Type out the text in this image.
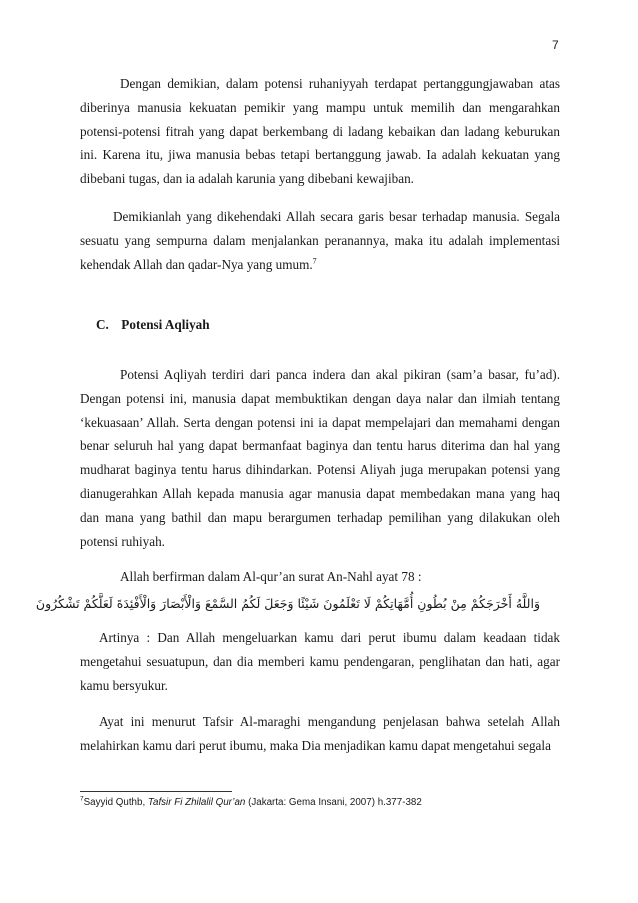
7

Dengan demikian, dalam potensi ruhaniyyah terdapat pertanggungjawaban atas diberinya manusia kekuatan pemikir yang mampu untuk memilih dan mengarahkan potensi-potensi fitrah yang dapat berkembang di ladang kebaikan dan ladang keburukan ini. Karena itu, jiwa manusia bebas tetapi bertanggung jawab. Ia adalah kekuatan yang dibebani tugas, dan ia adalah karunia yang dibebani kewajiban.

Demikianlah yang dikehendaki Allah secara garis besar terhadap manusia. Segala sesuatu yang sempurna dalam menjalankan peranannya, maka itu adalah implementasi kehendak Allah dan qadar-Nya yang umum.$^7$

C. Potensi Aqliyah

Potensi Aqliyah terdiri dari panca indera dan akal pikiran (sam’a basar, fu’ad). Dengan potensi ini, manusia dapat membuktikan dengan daya nalar dan ilmiah tentang ‘kekuasaan’ Allah. Serta dengan potensi ini ia dapat mempelajari dan memahami dengan benar seluruh hal yang dapat bermanfaat baginya dan tentu harus diterima dan hal yang mudharat baginya tentu harus dihindarkan. Potensi Aliyah juga merupakan potensi yang dianugerahkan Allah kepada manusia agar manusia dapat membedakan mana yang haq dan mana yang bathil dan mapu berargumen terhadap pemilihan yang dilakukan oleh potensi ruhiyah.

Allah berfirman dalam Al-qur’an surat An-Nahl ayat 78 :

وَاللَّهُ أَخْرَجَكُمْ مِنْ بُطُونِ أُمَّهَاتِكُمْ لَا تَعْلَمُونَ شَيْئًا وَجَعَلَ لَكُمُ السَّمْعَ وَالْأَبْصَارَ وَالْأَفْئِدَةَ لَعَلَّكُمْ تَشْكُرُونَ

Artinya : Dan Allah mengeluarkan kamu dari perut ibumu dalam keadaan tidak mengetahui sesuatupun, dan dia memberi kamu pendengaran, penglihatan dan hati, agar kamu bersyukur.

Ayat ini menurut Tafsir Al-maraghi mengandung penjelasan bahwa setelah Allah melahirkan kamu dari perut ibumu, maka Dia menjadikan kamu dapat mengetahui segala

$^7$Sayyid Quthb, Tafsir Fi Zhilalil Qur’an (Jakarta: Gema Insani, 2007) h.377-382
